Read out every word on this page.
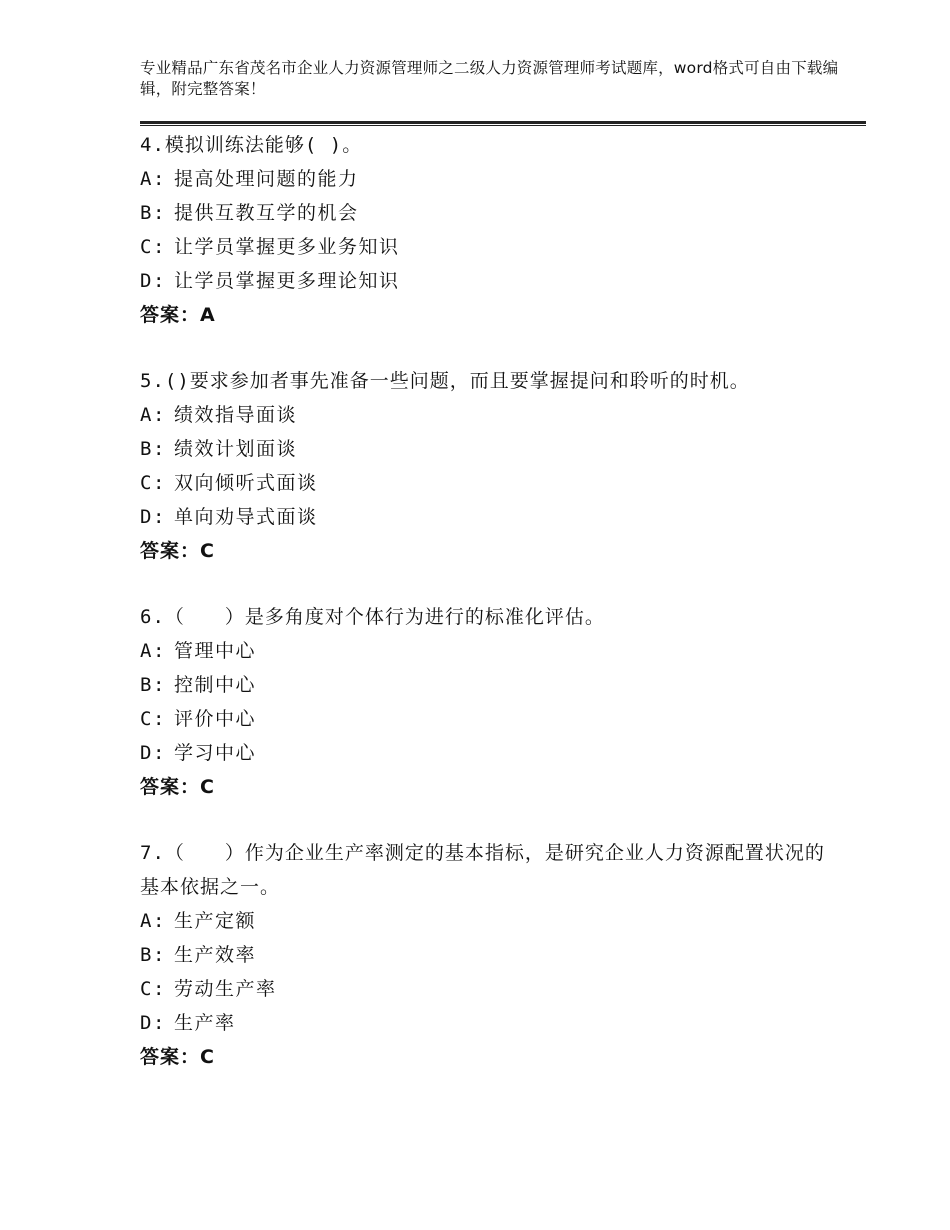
专业精品广东省茂名市企业人力资源管理师之二级人力资源管理师考试题库，word格式可自由下载编辑，附完整答案！
4.模拟训练法能够( )。
A: 提高处理问题的能力
B: 提供互教互学的机会
C: 让学员掌握更多业务知识
D: 让学员掌握更多理论知识
答案：A
5.()要求参加者事先准备一些问题，而且要掌握提问和聆听的时机。
A: 绩效指导面谈
B: 绩效计划面谈
C: 双向倾听式面谈
D: 单向劝导式面谈
答案：C
6.（　　）是多角度对个体行为进行的标准化评估。
A: 管理中心
B: 控制中心
C: 评价中心
D: 学习中心
答案：C
7.（　　）作为企业生产率测定的基本指标，是研究企业人力资源配置状况的基本依据之一。
A: 生产定额
B: 生产效率
C: 劳动生产率
D: 生产率
答案：C
